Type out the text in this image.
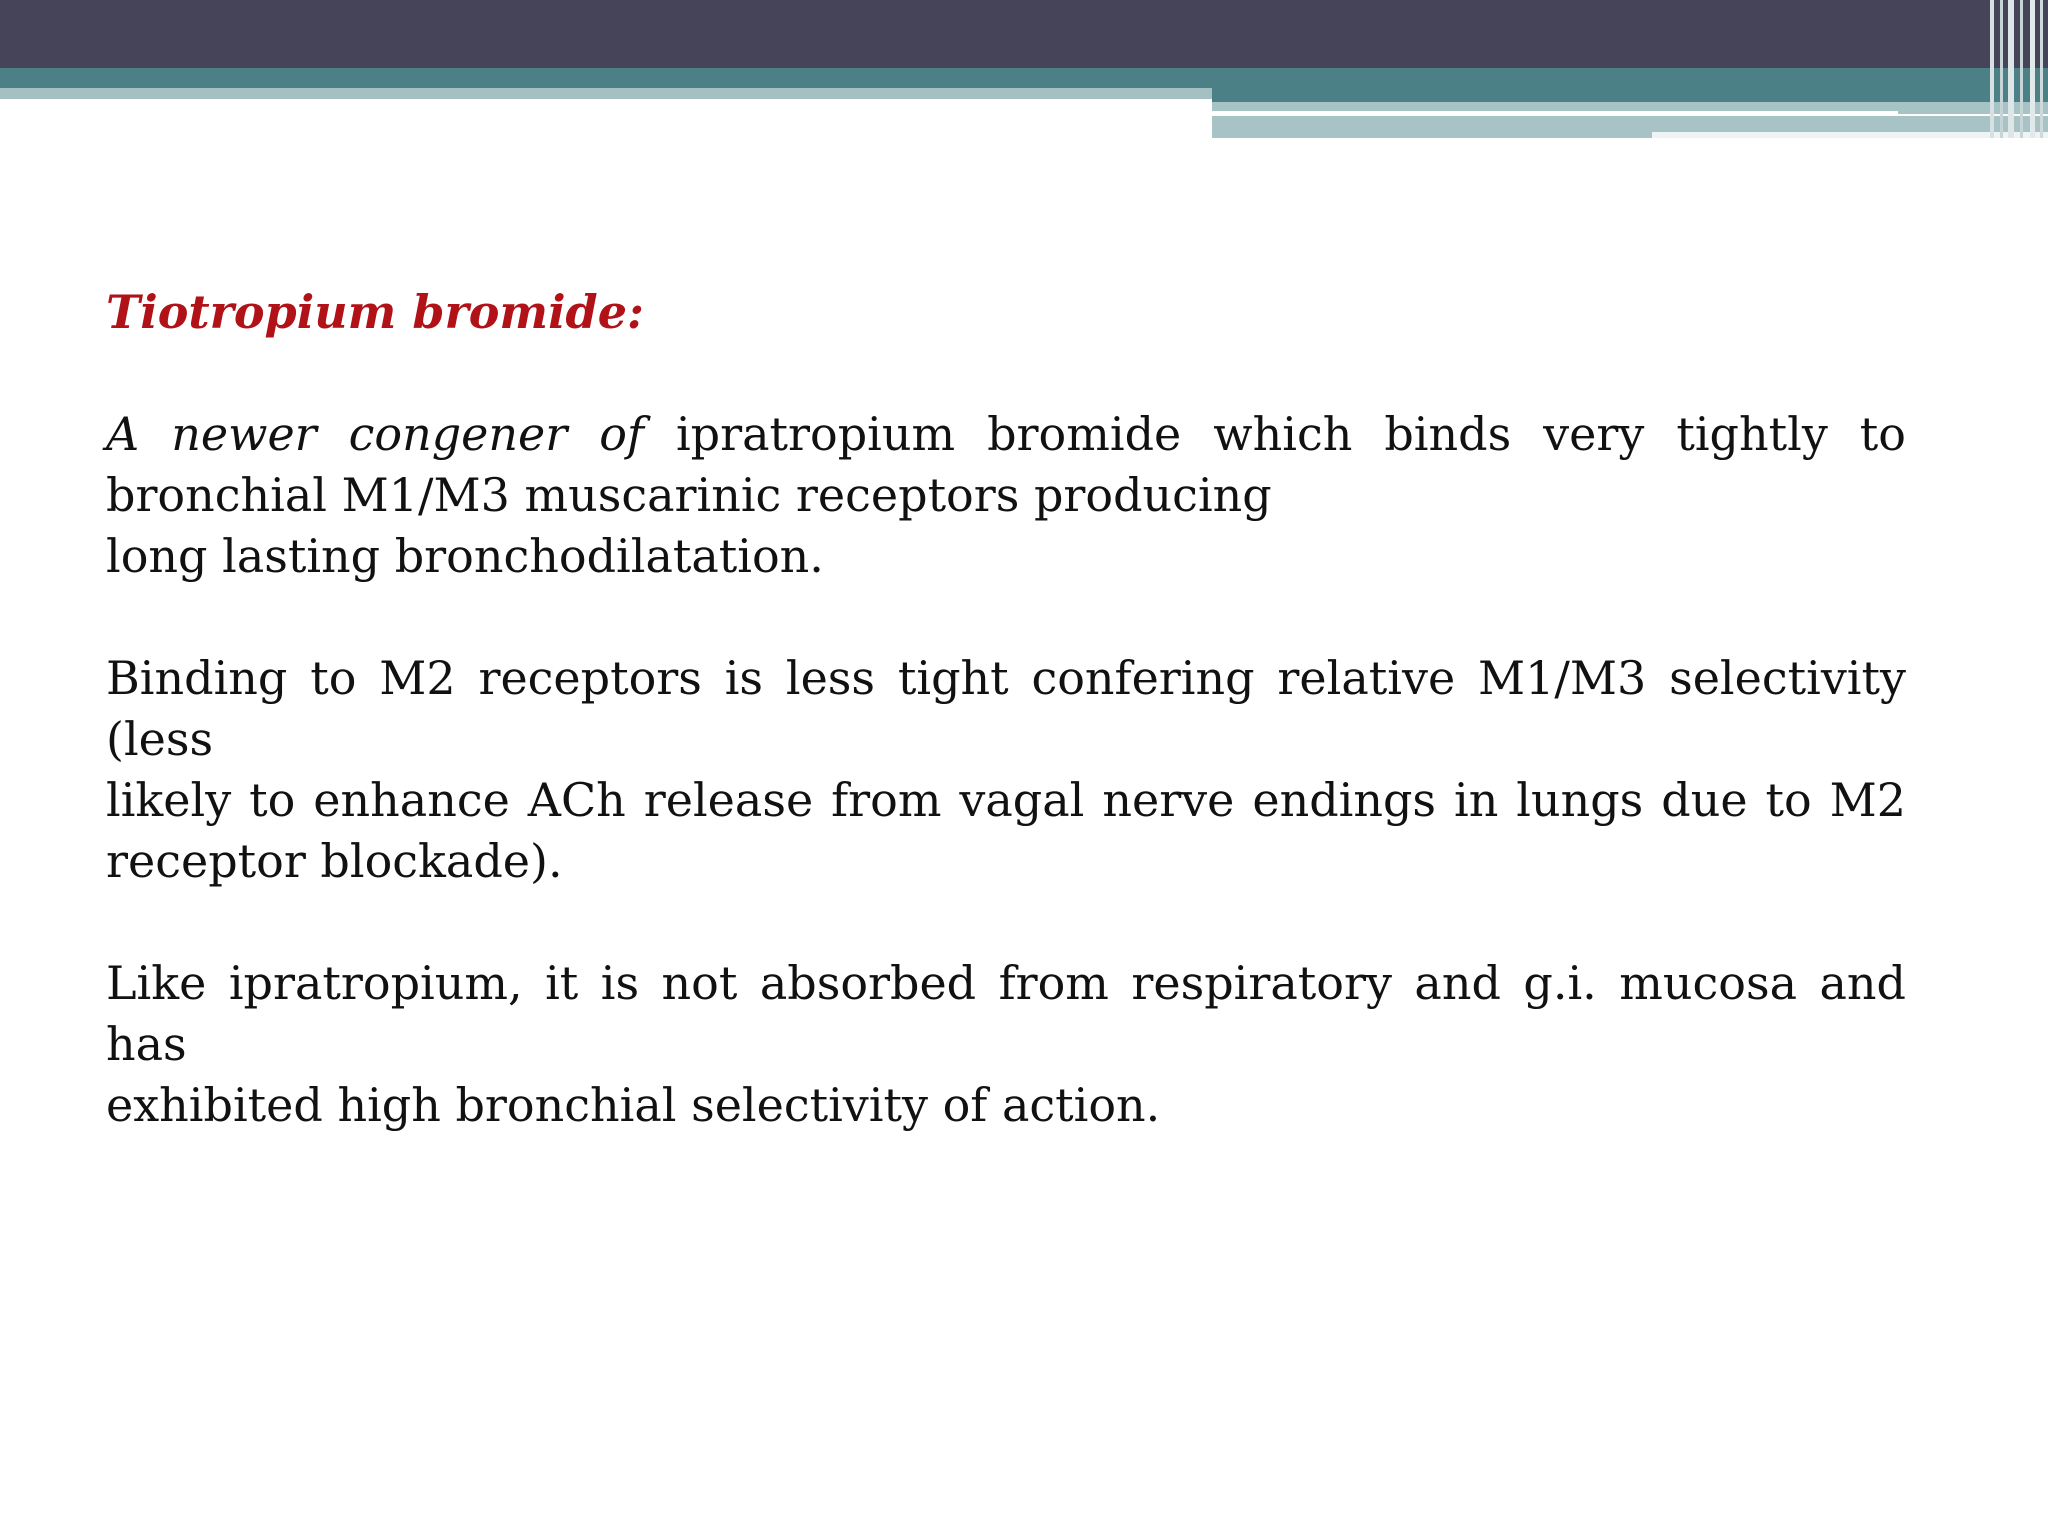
Tiotropium bromide:
A newer congener of ipratropium bromide which binds very tightly to
bronchial M1/M3 muscarinic receptors producing
long lasting bronchodilatation.
Binding to M2 receptors is less tight confering relative M1/M3 selectivity (less
likely to enhance ACh release from vagal nerve endings in lungs due to M2
receptor blockade).
Like ipratropium, it is not absorbed from respiratory and g.i. mucosa and has
exhibited high bronchial selectivity of action.
